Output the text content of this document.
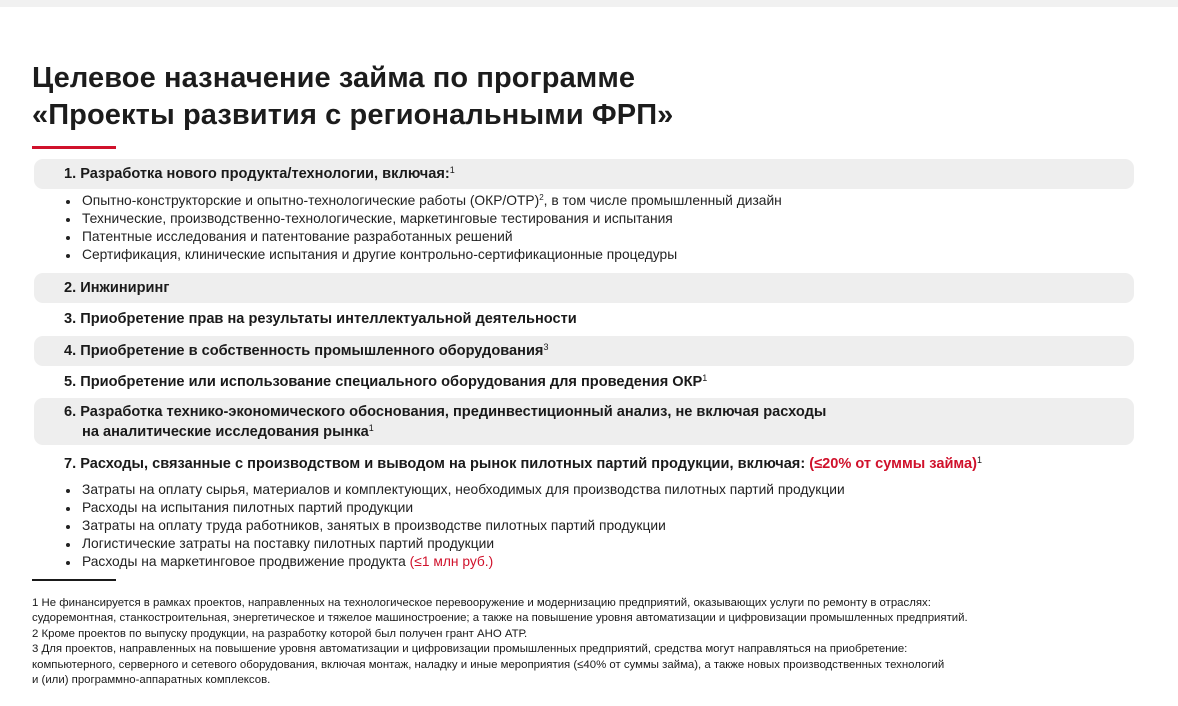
Целевое назначение займа по программе
«Проекты развития с региональными ФРП»
1. Разработка нового продукта/технологии, включая:$^1$
Опытно-конструкторские и опытно-технологические работы $(ОКР/ОТР)^2$, в том числе промышленный дизайн
Технические, производственно-технологические, маркетинговые тестирования и испытания
Патентные исследования и патентование разработанных решений
Сертификация, клинические испытания и другие контрольно-сертификационные процедуры
2. Инжиниринг
3. Приобретение прав на результаты интеллектуальной деятельности
4. Приобретение в собственность промышленного оборудования$^3$
5. Приобретение или использование специального оборудования для проведения ОКР$^1$
6. Разработка технико-экономического обоснования, прединвестиционный анализ, не включая расходы
на аналитические исследования рынка$^1$
7. Расходы, связанные с производством и выводом на рынок пилотных партий продукции, включая: (≤20% от суммы займа)$^1$
Затраты на оплату сырья, материалов и комплектующих, необходимых для производства пилотных партий продукции
Расходы на испытания пилотных партий продукции
Затраты на оплату труда работников, занятых в производстве пилотных партий продукции
Логистические затраты на поставку пилотных партий продукции
Расходы на маркетинговое продвижение продукта (≤1 млн руб.)

1 Не финансируется в рамках проектов, направленных на технологическое перевооружение и модернизацию предприятий, оказывающих услуги по ремонту в отраслях:
судоремонтная, станкостроительная, энергетическое и тяжелое машиностроение; а также на повышение уровня автоматизации и цифровизации промышленных предприятий.

2 Кроме проектов по выпуску продукции, на разработку которой был получен грант АНО АТР.

3 Для проектов, направленных на повышение уровня автоматизации и цифровизации промышленных предприятий, средства могут направляться на приобретение:
компьютерного, серверного и сетевого оборудования, включая монтаж, наладку и иные мероприятия (≤40% от суммы займа), а также новых производственных технологий
и (или) программно-аппаратных комплексов.
